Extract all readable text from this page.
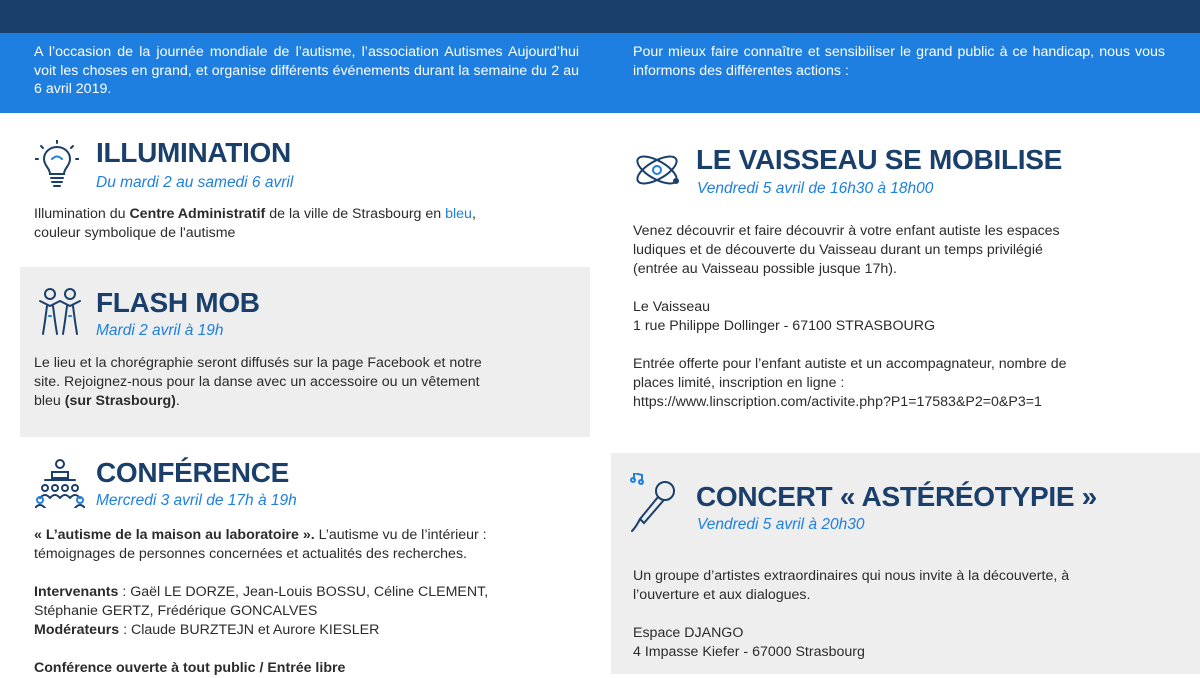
A l’occasion de la journée mondiale de l’autisme, l’association Autismes Aujourd’hui voit les choses en grand, et organise différents événements durant la semaine du 2 au 6 avril 2019.

Pour mieux faire connaître et sensibiliser le grand public à ce handicap, nous vous informons des différentes actions :

ILLUMINATION
Du mardi 2 au samedi 6 avril

Illumination du Centre Administratif de la ville de Strasbourg en bleu,
couleur symbolique de l'autisme

FLASH MOB
Mardi 2 avril à 19h

Le lieu et la chorégraphie seront diffusés sur la page Facebook et notre
site. Rejoignez-nous pour la danse avec un accessoire ou un vêtement
bleu (sur Strasbourg).

CONFÉRENCE
Mercredi 3 avril de 17h à 19h

« L’autisme de la maison au laboratoire ». L’autisme vu de l’intérieur :
témoignages de personnes concernées et actualités des recherches.

Intervenants : Gaël LE DORZE, Jean-Louis BOSSU, Céline CLEMENT,
Stéphanie GERTZ, Frédérique GONCALVES
Modérateurs : Claude BURZTEJN et Aurore KIESLER

Conférence ouverte à tout public / Entrée libre

LE VAISSEAU SE MOBILISE
Vendredi 5 avril de 16h30 à 18h00

Venez découvrir et faire découvrir à votre enfant autiste les espaces
ludiques et de découverte du Vaisseau durant un temps privilégié
(entrée au Vaisseau possible jusque 17h).

Le Vaisseau
1 rue Philippe Dollinger - 67100 STRASBOURG

Entrée offerte pour l’enfant autiste et un accompagnateur, nombre de
places limité, inscription en ligne :
https://www.linscription.com/activite.php?P1=17583&P2=0&P3=1

CONCERT « ASTÉRÉOTYPIE »
Vendredi 5 avril à 20h30

Un groupe d’artistes extraordinaires qui nous invite à la découverte, à
l’ouverture et aux dialogues.

Espace DJANGO
4 Impasse Kiefer - 67000 Strasbourg
